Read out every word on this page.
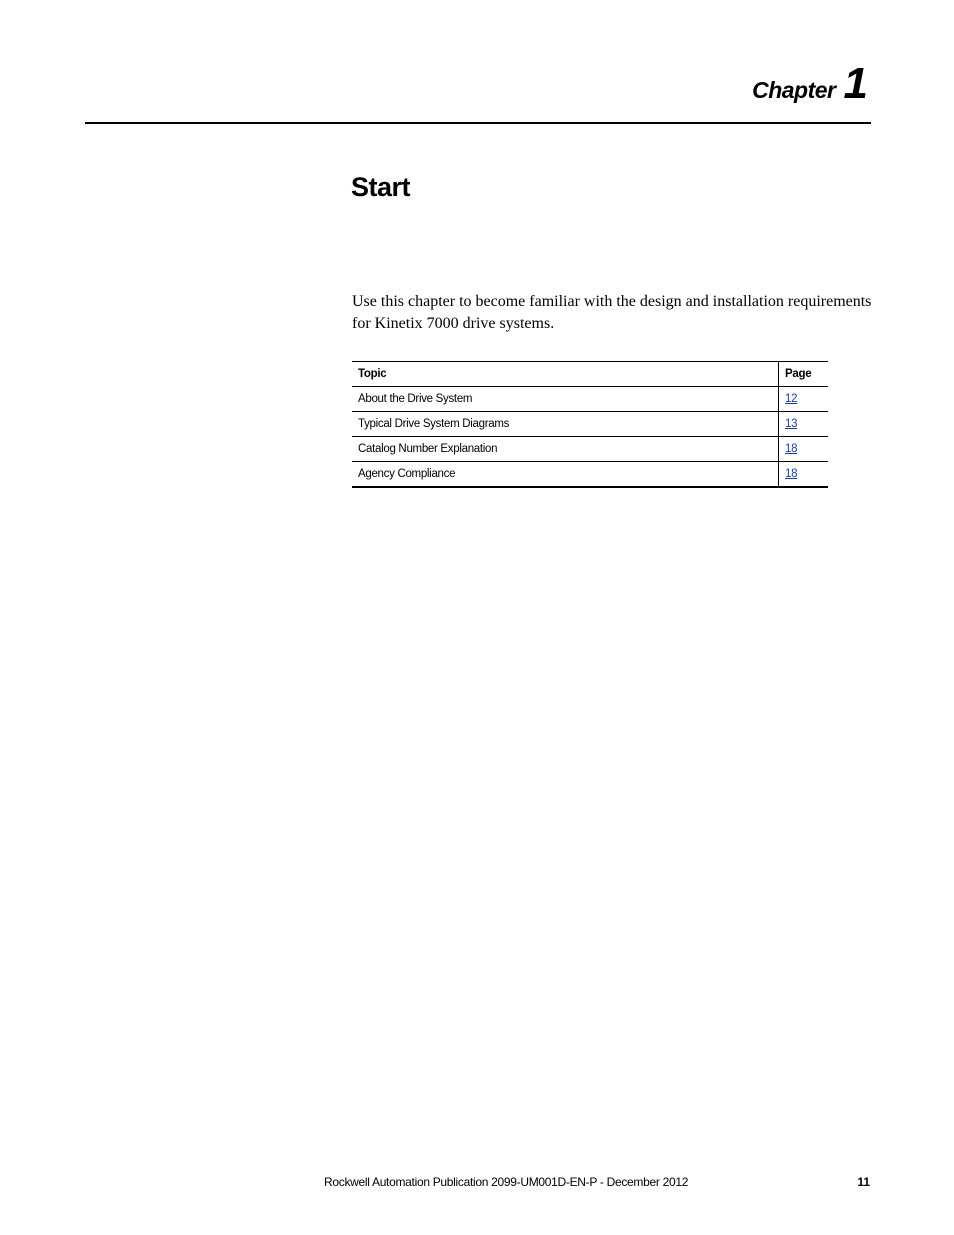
Chapter 1
Start

Use this chapter to become familiar with the design and installation requirements for Kinetix 7000 drive systems.

Topic	Page
About the Drive System	12
Typical Drive System Diagrams	13
Catalog Number Explanation	18
Agency Compliance	18
Rockwell Automation Publication 2099-UM001D-EN-P - December 2012	11
